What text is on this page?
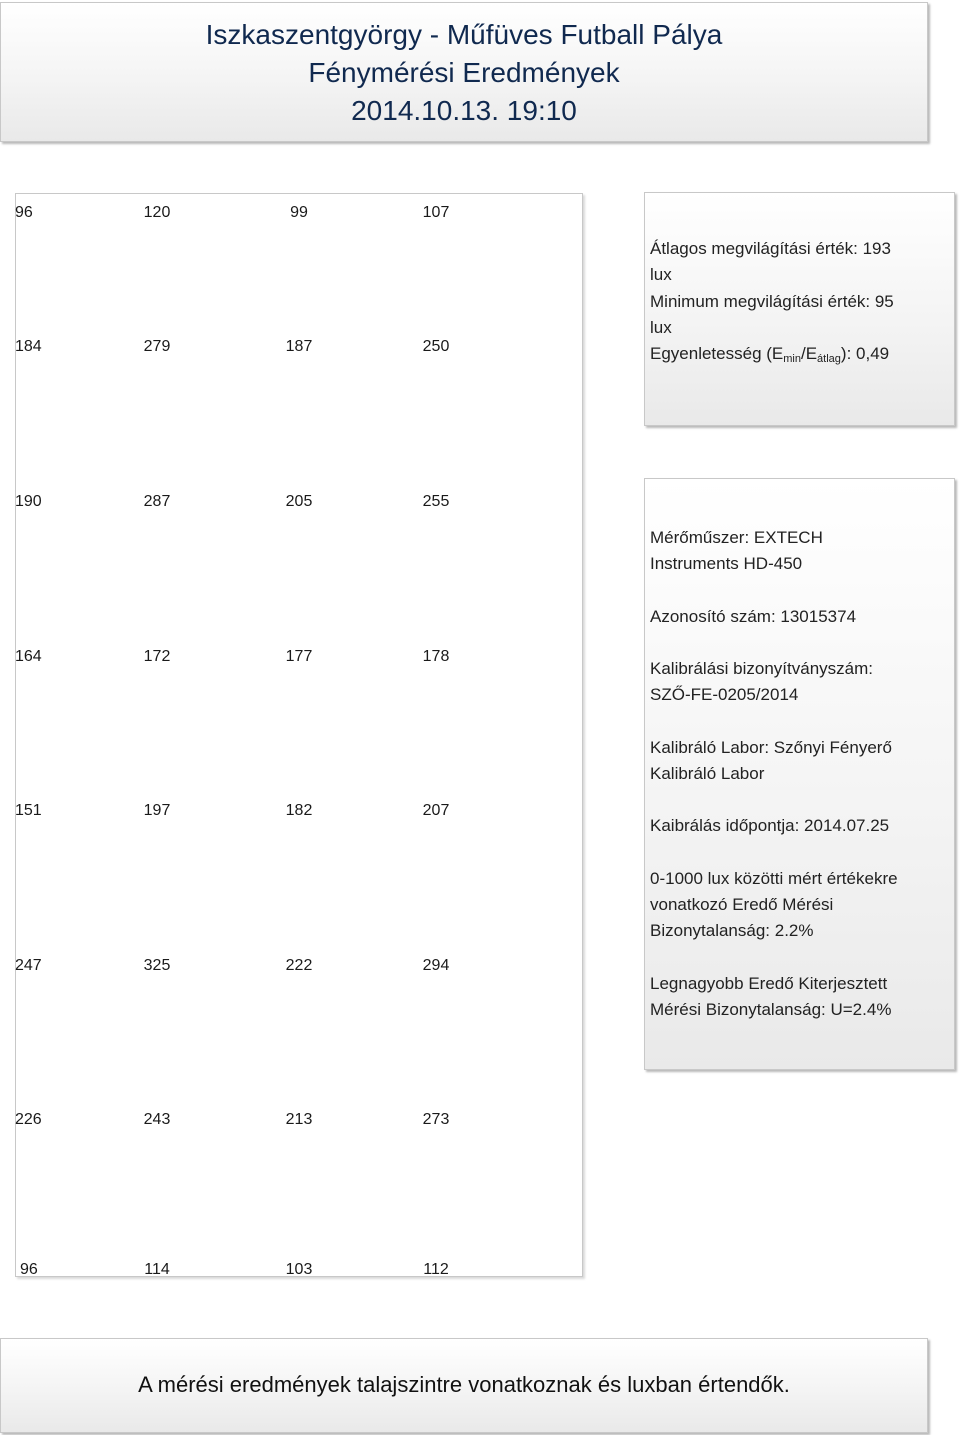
Iszkaszentgyörgy - Műfüves Futball Pálya
Fénymérési Eredmények
2014.10.13. 19:10
96	120	99	107
184	279	187	250
190	287	205	255
164	172	177	178
151	197	182	207
247	325	222	294
226	243	213	273
96	114	103	112
Átlagos megvilágítási érték: 193
lux
Minimum megvilágítási érték: 95
lux
Egyenletesség $(E_{min}/E_{átlag})$: 0,49
Mérőműszer: EXTECH
Instruments HD-450
Azonosító szám: 13015374
Kalibrálási bizonyítványszám:
SZŐ-FE-0205/2014
Kalibráló Labor: Szőnyi Fényerő
Kalibráló Labor
Kaibrálás időpontja: 2014.07.25
0-1000 lux közötti mért értékekre
vonatkozó Eredő Mérési
Bizonytalanság: 2.2%
Legnagyobb Eredő Kiterjesztett
Mérési Bizonytalanság: U=2.4%
A mérési eredmények talajszintre vonatkoznak és luxban értendők.
